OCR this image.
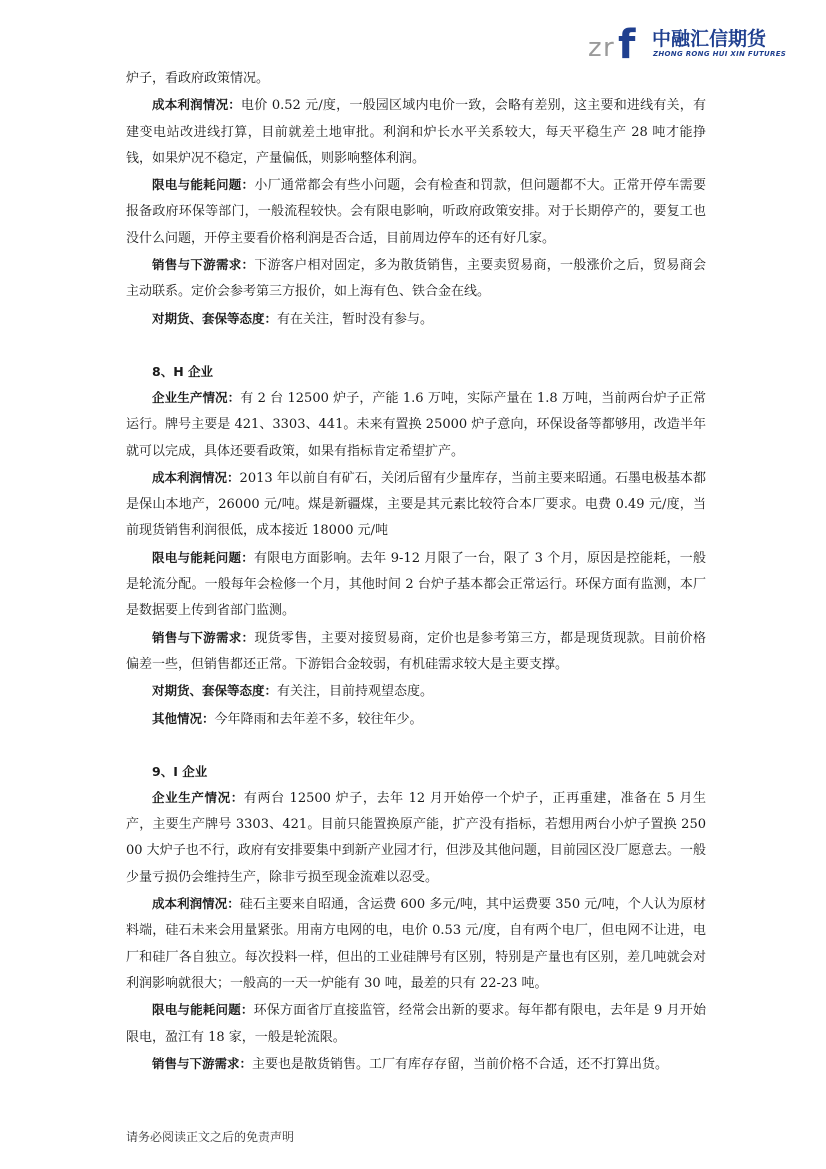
z r f 中融汇信期货
ZHONG RONG HUI XIN FUTURES

炉子，看政府政策情况。

成本利润情况：电价 0.52 元/度，一般园区域内电价一致，会略有差别，这主要和进线有关，有建变电站改进线打算，目前就差土地审批。利润和炉长水平关系较大，每天平稳生产 28 吨才能挣钱，如果炉况不稳定，产量偏低，则影响整体利润。

限电与能耗问题：小厂通常都会有些小问题，会有检查和罚款，但问题都不大。正常开停车需要报备政府环保等部门，一般流程较快。会有限电影响，听政府政策安排。对于长期停产的，要复工也没什么问题，开停主要看价格利润是否合适，目前周边停车的还有好几家。

销售与下游需求：下游客户相对固定，多为散货销售，主要卖贸易商，一般涨价之后，贸易商会主动联系。定价会参考第三方报价，如上海有色、铁合金在线。

对期货、套保等态度：有在关注，暂时没有参与。

8、H 企业

企业生产情况：有 2 台 12500 炉子，产能 1.6 万吨，实际产量在 1.8 万吨，当前两台炉子正常运行。牌号主要是 421、3303、441。未来有置换 25000 炉子意向，环保设备等都够用，改造半年就可以完成，具体还要看政策，如果有指标肯定希望扩产。

成本利润情况：2013 年以前自有矿石，关闭后留有少量库存，当前主要来昭通。石墨电极基本都是保山本地产，26000 元/吨。煤是新疆煤，主要是其元素比较符合本厂要求。电费 0.49 元/度，当前现货销售利润很低，成本接近 18000 元/吨

限电与能耗问题：有限电方面影响。去年 9-12 月限了一台，限了 3 个月，原因是控能耗，一般是轮流分配。一般每年会检修一个月，其他时间 2 台炉子基本都会正常运行。环保方面有监测，本厂是数据要上传到省部门监测。

销售与下游需求：现货零售，主要对接贸易商，定价也是参考第三方，都是现货现款。目前价格偏差一些，但销售都还正常。下游铝合金较弱，有机硅需求较大是主要支撑。

对期货、套保等态度：有关注，目前持观望态度。

其他情况：今年降雨和去年差不多，较往年少。

9、I 企业

企业生产情况：有两台 12500 炉子，去年 12 月开始停一个炉子，正再重建，准备在 5 月生产，主要生产牌号 3303、421。目前只能置换原产能，扩产没有指标，若想用两台小炉子置换 25000 大炉子也不行，政府有安排要集中到新产业园才行，但涉及其他问题，目前园区没厂愿意去。一般少量亏损仍会维持生产，除非亏损至现金流难以忍受。

成本利润情况：硅石主要来自昭通，含运费 600 多元/吨，其中运费要 350 元/吨，个人认为原材料端，硅石未来会用量紧张。用南方电网的电，电价 0.53 元/度，自有两个电厂，但电网不让进，电厂和硅厂各自独立。每次投料一样，但出的工业硅牌号有区别，特别是产量也有区别，差几吨就会对利润影响就很大；一般高的一天一炉能有 30 吨，最差的只有 22-23 吨。

限电与能耗问题：环保方面省厅直接监管，经常会出新的要求。每年都有限电，去年是 9 月开始限电，盈江有 18 家，一般是轮流限。

销售与下游需求：主要也是散货销售。工厂有库存存留，当前价格不合适，还不打算出货。

请务必阅读正文之后的免责声明
